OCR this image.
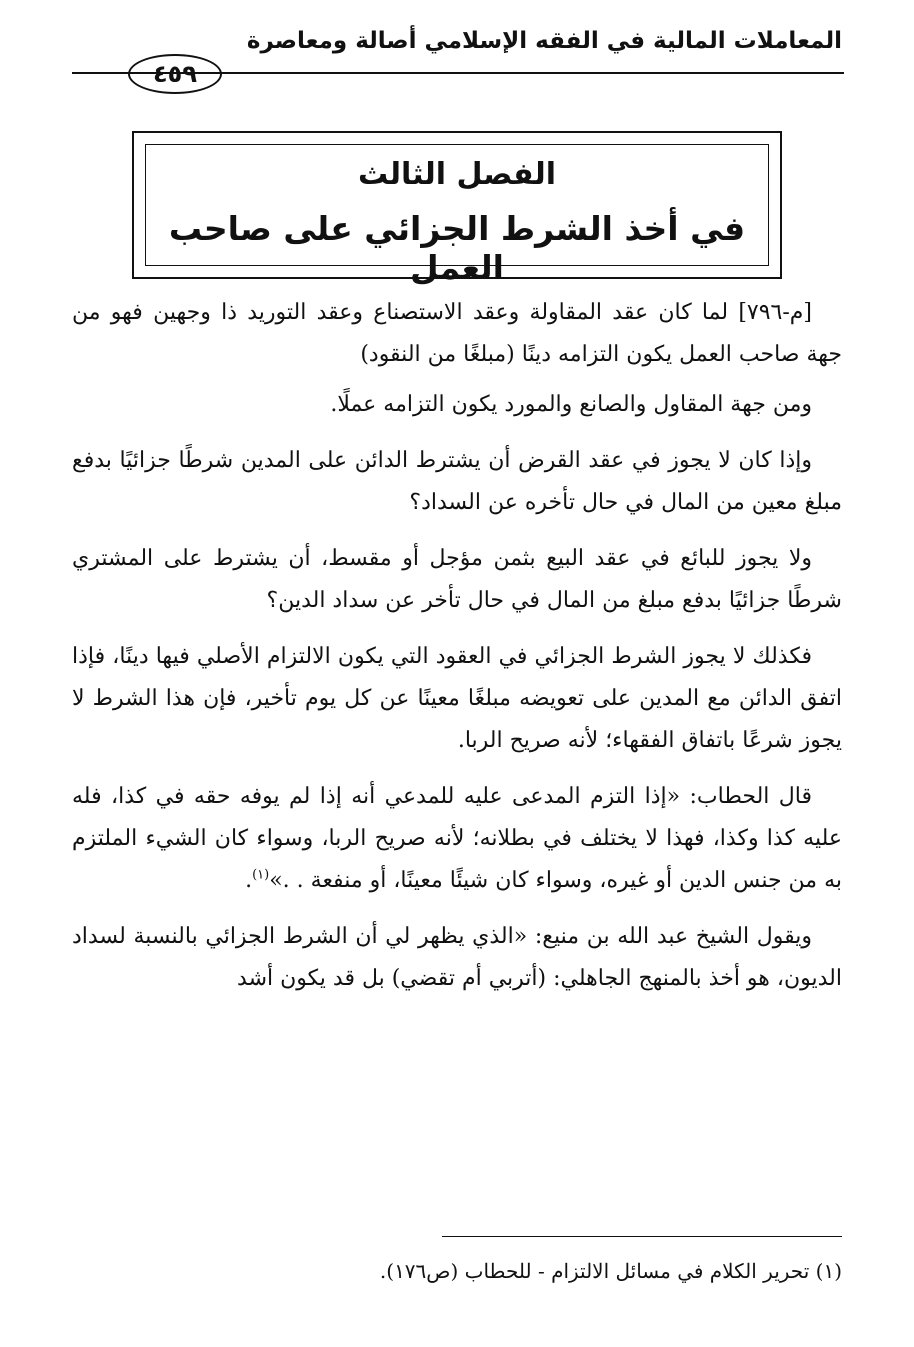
المعاملات المالية في الفقه الإسلامي أصالة ومعاصرة
٤٥٩
الفصل الثالث
في أخذ الشرط الجزائي على صاحب العمل

[م-٧٩٦] لما كان عقد المقاولة وعقد الاستصناع وعقد التوريد ذا وجهين فهو من جهة صاحب العمل يكون التزامه دينًا (مبلغًا من النقود)

ومن جهة المقاول والصانع والمورد يكون التزامه عملًا.

وإذا كان لا يجوز في عقد القرض أن يشترط الدائن على المدين شرطًا جزائيًا بدفع مبلغ معين من المال في حال تأخره عن السداد؟

ولا يجوز للبائع في عقد البيع بثمن مؤجل أو مقسط، أن يشترط على المشتري شرطًا جزائيًا بدفع مبلغ من المال في حال تأخر عن سداد الدين؟

فكذلك لا يجوز الشرط الجزائي في العقود التي يكون الالتزام الأصلي فيها دينًا، فإذا اتفق الدائن مع المدين على تعويضه مبلغًا معينًا عن كل يوم تأخير، فإن هذا الشرط لا يجوز شرعًا باتفاق الفقهاء؛ لأنه صريح الربا.

قال الحطاب: «إذا التزم المدعى عليه للمدعي أنه إذا لم يوفه حقه في كذا، فله عليه كذا وكذا، فهذا لا يختلف في بطلانه؛ لأنه صريح الربا، وسواء كان الشيء الملتزم به من جنس الدين أو غيره، وسواء كان شيئًا معينًا، أو منفعة . .»$^{(١)}$.

ويقول الشيخ عبد الله بن منيع: «الذي يظهر لي أن الشرط الجزائي بالنسبة لسداد الديون، هو أخذ بالمنهج الجاهلي: (أتربي أم تقضي) بل قد يكون أشد

(١) تحرير الكلام في مسائل الالتزام - للحطاب (ص١٧٦).
